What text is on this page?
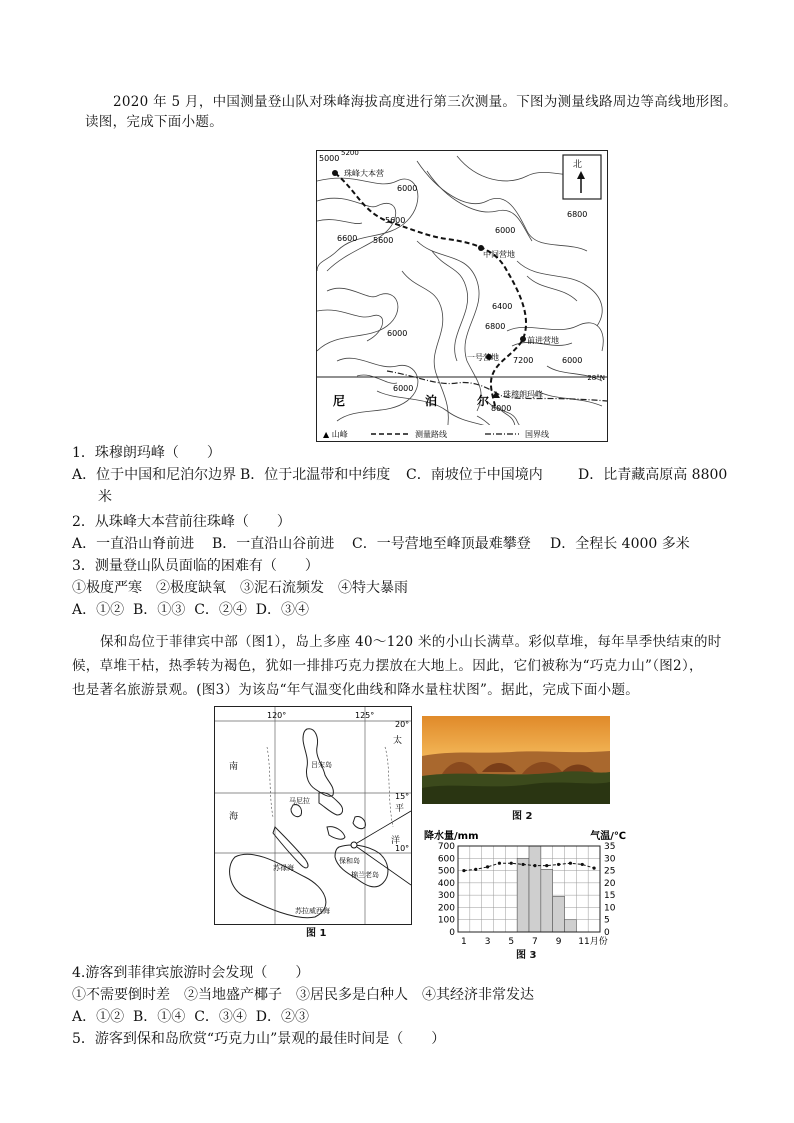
2020 年 5 月，中国测量登山队对珠峰海拔高度进行第三次测量。下图为测量线路周边等高线地形图。
读图，完成下面小题。
珠峰大本营
中间营地
前进营地
一号营地
珠穆朗玛峰
5000
5200
6000
5600
6600 5600
6000
6800
6400
6800
7200	6000
6000
6000
8000
28°N
尼	泊	尔
北
▲ 山峰	测量路线	国界线
1．珠穆朗玛峰（　　）
A．位于中国和尼泊尔边界 B．位于北温带和中纬度	C．南坡位于中国境内	D．比青藏高原高 8800
米
2．从珠峰大本营前往珠峰（　　）
A．一直沿山脊前进	B．一直沿山谷前进	C．一号营地至峰顶最难攀登	D．全程长 4000 多米
3．测量登山队员面临的困难有（　　）
①极度严寒　②极度缺氧　③泥石流频发　④特大暴雨
A．①②  B．①③  C．②④  D．③④
保和岛位于菲律宾中部（图1），岛上多座 40～120 米的小山长满草。彩似草堆，每年旱季快结束的时
候，草堆干枯，热季转为褐色，犹如一排排巧克力摆放在大地上。因此，它们被称为“巧克力山”（图2），
也是著名旅游景观。(图3）为该岛“年气温变化曲线和降水量柱状图”。据此，完成下面小题。
120°	125°
20°
15°
10°
南
海
太
平
洋
吕宋岛
马尼拉
苏禄海
保和岛
棉兰老岛
苏拉威西海
图 1
图 2
降水量/mm	气温/℃
0
100
200
300
400
500
600
700
0
5
10
15
20
25
30
35
1 3 5 7 9 11月份
图 3
4.游客到菲律宾旅游时会发现（　　）
①不需要倒时差　②当地盛产椰子　③居民多是白种人　④其经济非常发达
A．①②  B．①④  C．③④  D．②③
5．游客到保和岛欣赏“巧克力山”景观的最佳时间是（　　）
